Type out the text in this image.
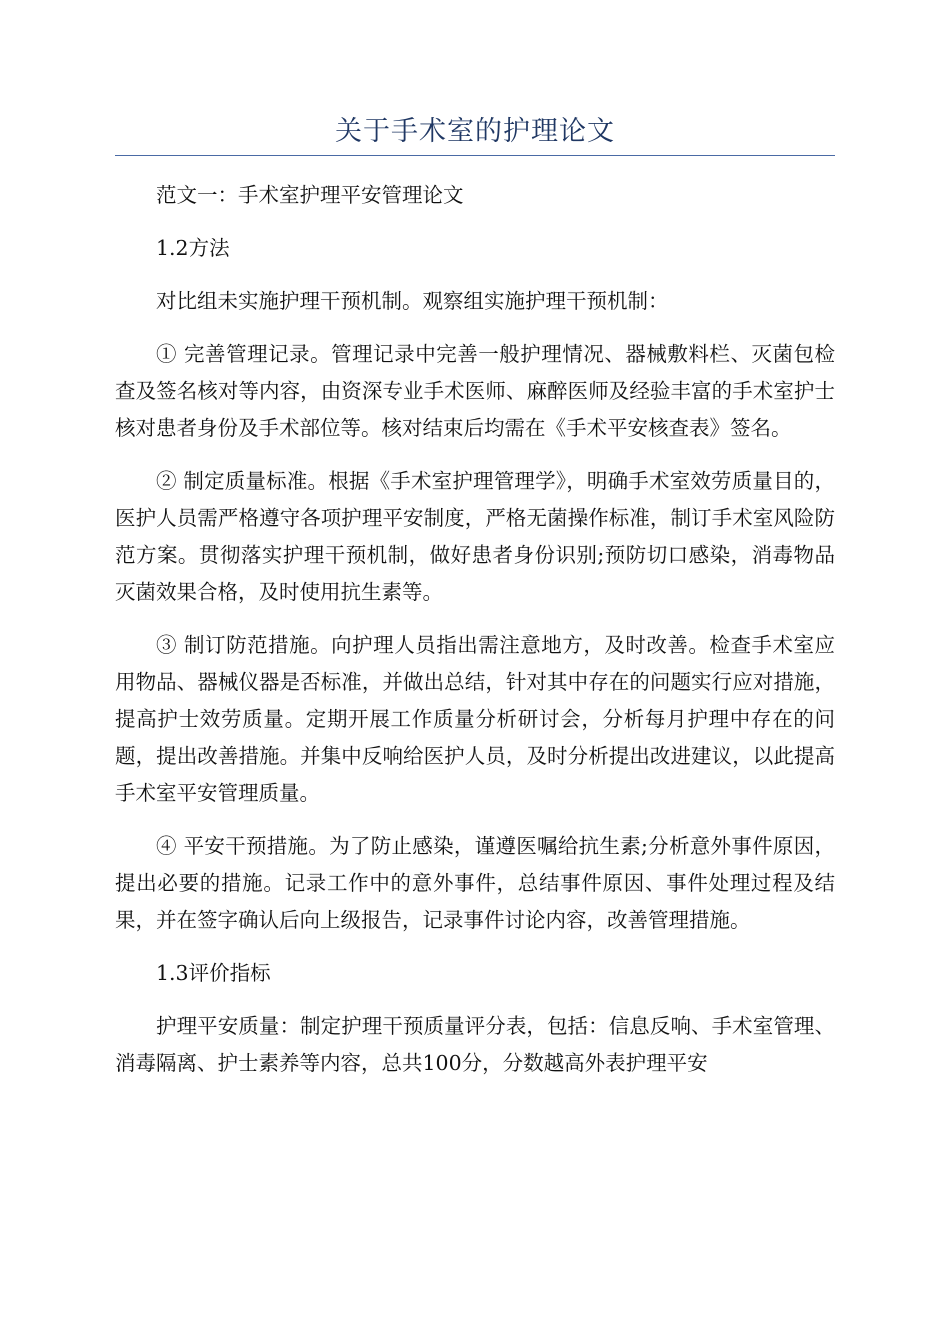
关于手术室的护理论文

范文一：手术室护理平安管理论文

1.2方法

对比组未实施护理干预机制。观察组实施护理干预机制：

① 完善管理记录。管理记录中完善一般护理情况、器械敷料栏、灭菌包检查及签名核对等内容，由资深专业手术医师、麻醉医师及经验丰富的手术室护士核对患者身份及手术部位等。核对结束后均需在《手术平安核查表》签名。

② 制定质量标准。根据《手术室护理管理学》，明确手术室效劳质量目的，医护人员需严格遵守各项护理平安制度，严格无菌操作标准，制订手术室风险防范方案。贯彻落实护理干预机制，做好患者身份识别;预防切口感染，消毒物品灭菌效果合格，及时使用抗生素等。

③ 制订防范措施。向护理人员指出需注意地方，及时改善。检查手术室应用物品、器械仪器是否标准，并做出总结，针对其中存在的问题实行应对措施，提高护士效劳质量。定期开展工作质量分析研讨会，分析每月护理中存在的问题，提出改善措施。并集中反响给医护人员，及时分析提出改进建议，以此提高手术室平安管理质量。

④ 平安干预措施。为了防止感染，谨遵医嘱给抗生素;分析意外事件原因，提出必要的措施。记录工作中的意外事件，总结事件原因、事件处理过程及结果，并在签字确认后向上级报告，记录事件讨论内容，改善管理措施。

1.3评价指标

护理平安质量：制定护理干预质量评分表，包括：信息反响、手术室管理、消毒隔离、护士素养等内容，总共100分，分数越高外表护理平安
